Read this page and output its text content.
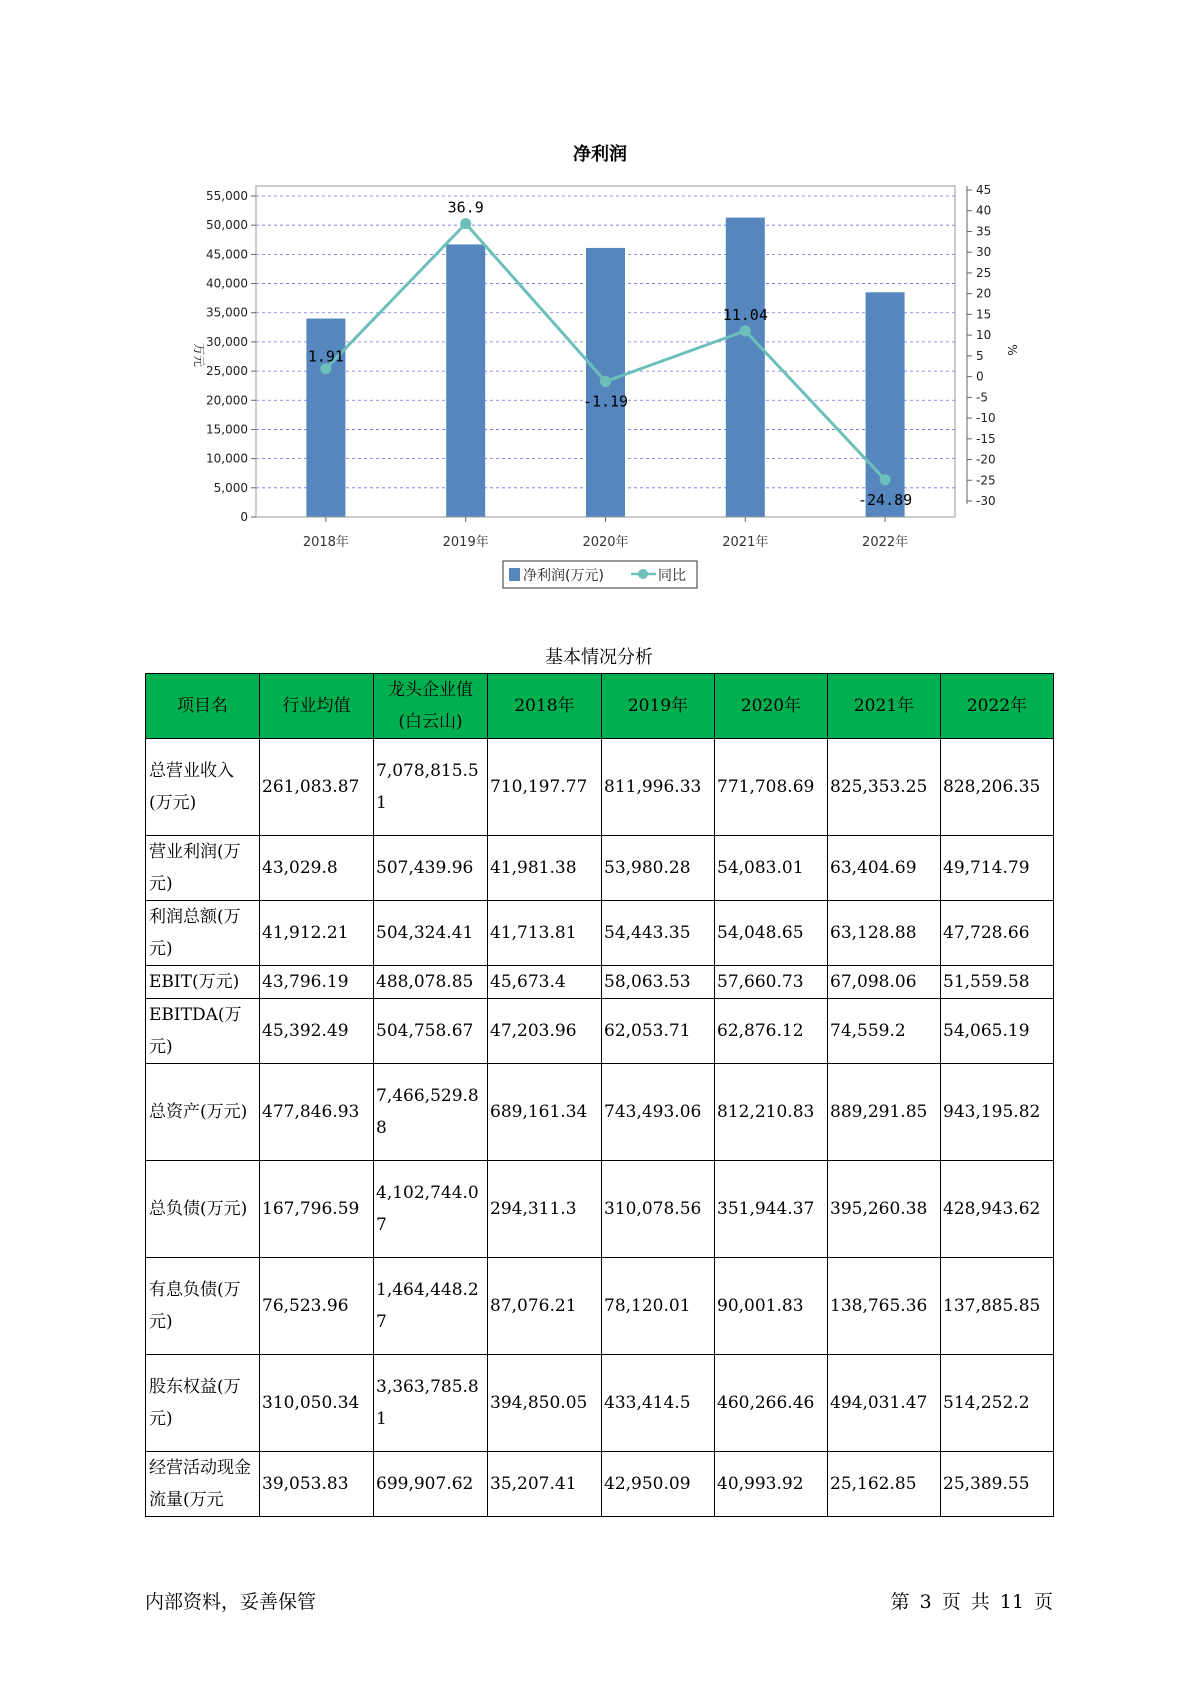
净利润
1.91
36.9
-1.19
11.04
-24.89
0
5,000
10,000
15,000
20,000
25,000
30,000
35,000
40,000
45,000
50,000
55,000
-30
-25
-20
-15
-10
-5
0
5
10
15
20
25
30
35
40
45
2018年	2019年	2020年	2021年	2022年
万元	%
净利润(万元)	同比
基本情况分析
项目名	行业均值	龙头企业值(白云山)	2018年	2019年	2020年	2021年	2022年
总营业收入(万元)	261,083.87	7,078,815.51	710,197.77	811,996.33	771,708.69	825,353.25	828,206.35
营业利润(万元)	43,029.8	507,439.96	41,981.38	53,980.28	54,083.01	63,404.69	49,714.79
利润总额(万元)	41,912.21	504,324.41	41,713.81	54,443.35	54,048.65	63,128.88	47,728.66
EBIT(万元)	43,796.19	488,078.85	45,673.4	58,063.53	57,660.73	67,098.06	51,559.58
EBITDA(万元)	45,392.49	504,758.67	47,203.96	62,053.71	62,876.12	74,559.2	54,065.19
总资产(万元)	477,846.93	7,466,529.88	689,161.34	743,493.06	812,210.83	889,291.85	943,195.82
总负债(万元)	167,796.59	4,102,744.07	294,311.3	310,078.56	351,944.37	395,260.38	428,943.62
有息负债(万元)	76,523.96	1,464,448.27	87,076.21	78,120.01	90,001.83	138,765.36	137,885.85
股东权益(万元)	310,050.34	3,363,785.81	394,850.05	433,414.5	460,266.46	494,031.47	514,252.2
经营活动现金流量(万元	39,053.83	699,907.62	35,207.41	42,950.09	40,993.92	25,162.85	25,389.55
内部资料，妥善保管	第 3 页 共 11 页
